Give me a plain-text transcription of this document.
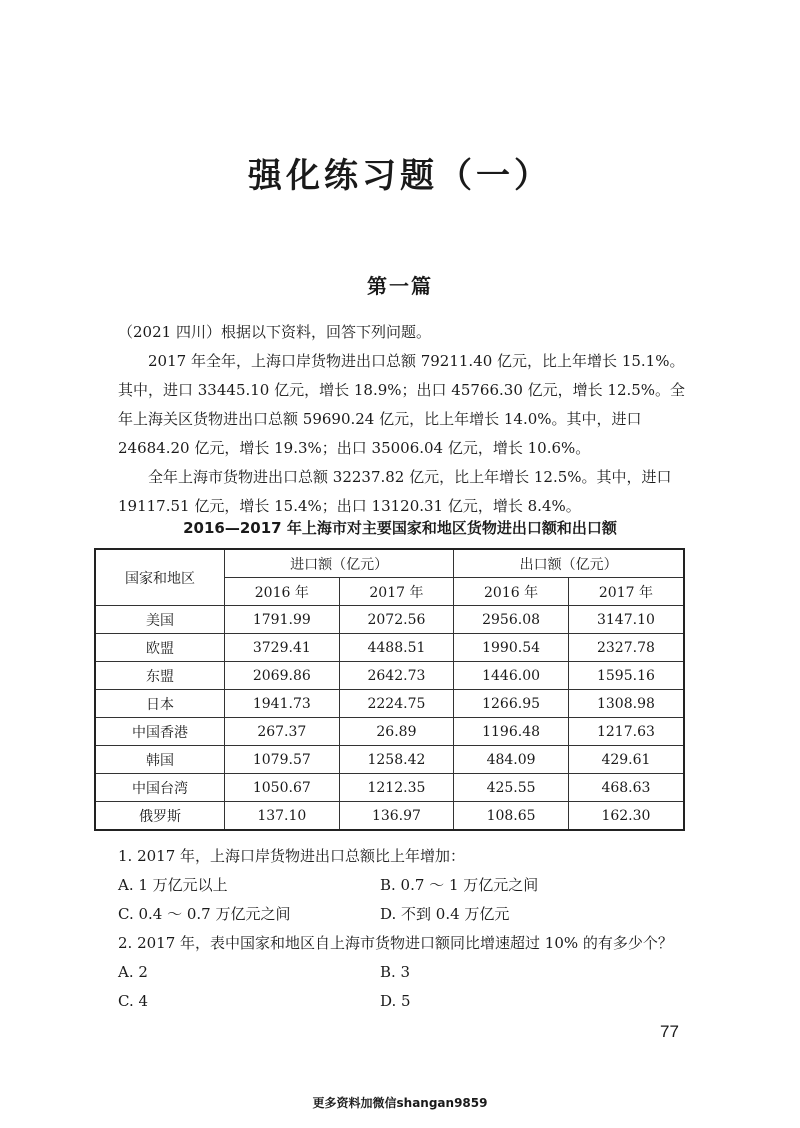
强化练习题（一）
第一篇

（2021 四川）根据以下资料，回答下列问题。

2017 年全年，上海口岸货物进出口总额 79211.40 亿元，比上年增长 15.1%。其中，进口 33445.10 亿元，增长 18.9%；出口 45766.30 亿元，增长 12.5%。全年上海关区货物进出口总额 59690.24 亿元，比上年增长 14.0%。其中，进口 24684.20 亿元，增长 19.3%；出口 35006.04 亿元，增长 10.6%。

全年上海市货物进出口总额 32237.82 亿元，比上年增长 12.5%。其中，进口 19117.51 亿元，增长 15.4%；出口 13120.31 亿元，增长 8.4%。

2016—2017 年上海市对主要国家和地区货物进出口额和出口额
国家和地区	进口额（亿元）		出口额（亿元）	
	2016 年	2017 年	2016 年	2017 年
美国	1791.99	2072.56	2956.08	3147.10
欧盟	3729.41	4488.51	1990.54	2327.78
东盟	2069.86	2642.73	1446.00	1595.16
日本	1941.73	2224.75	1266.95	1308.98
中国香港	267.37	26.89	1196.48	1217.63
韩国	1079.57	1258.42	484.09	429.61
中国台湾	1050.67	1212.35	425.55	468.63
俄罗斯	137.10	136.97	108.65	162.30
1. 2017 年，上海口岸货物进出口总额比上年增加：
A. 1 万亿元以上	B. 0.7 ～ 1 万亿元之间
C. 0.4 ～ 0.7 万亿元之间	D. 不到 0.4 万亿元
2. 2017 年，表中国家和地区自上海市货物进口额同比增速超过 10% 的有多少个？
A. 2	B. 3
C. 4	D. 5
77
更多资料加微信shangan9859
